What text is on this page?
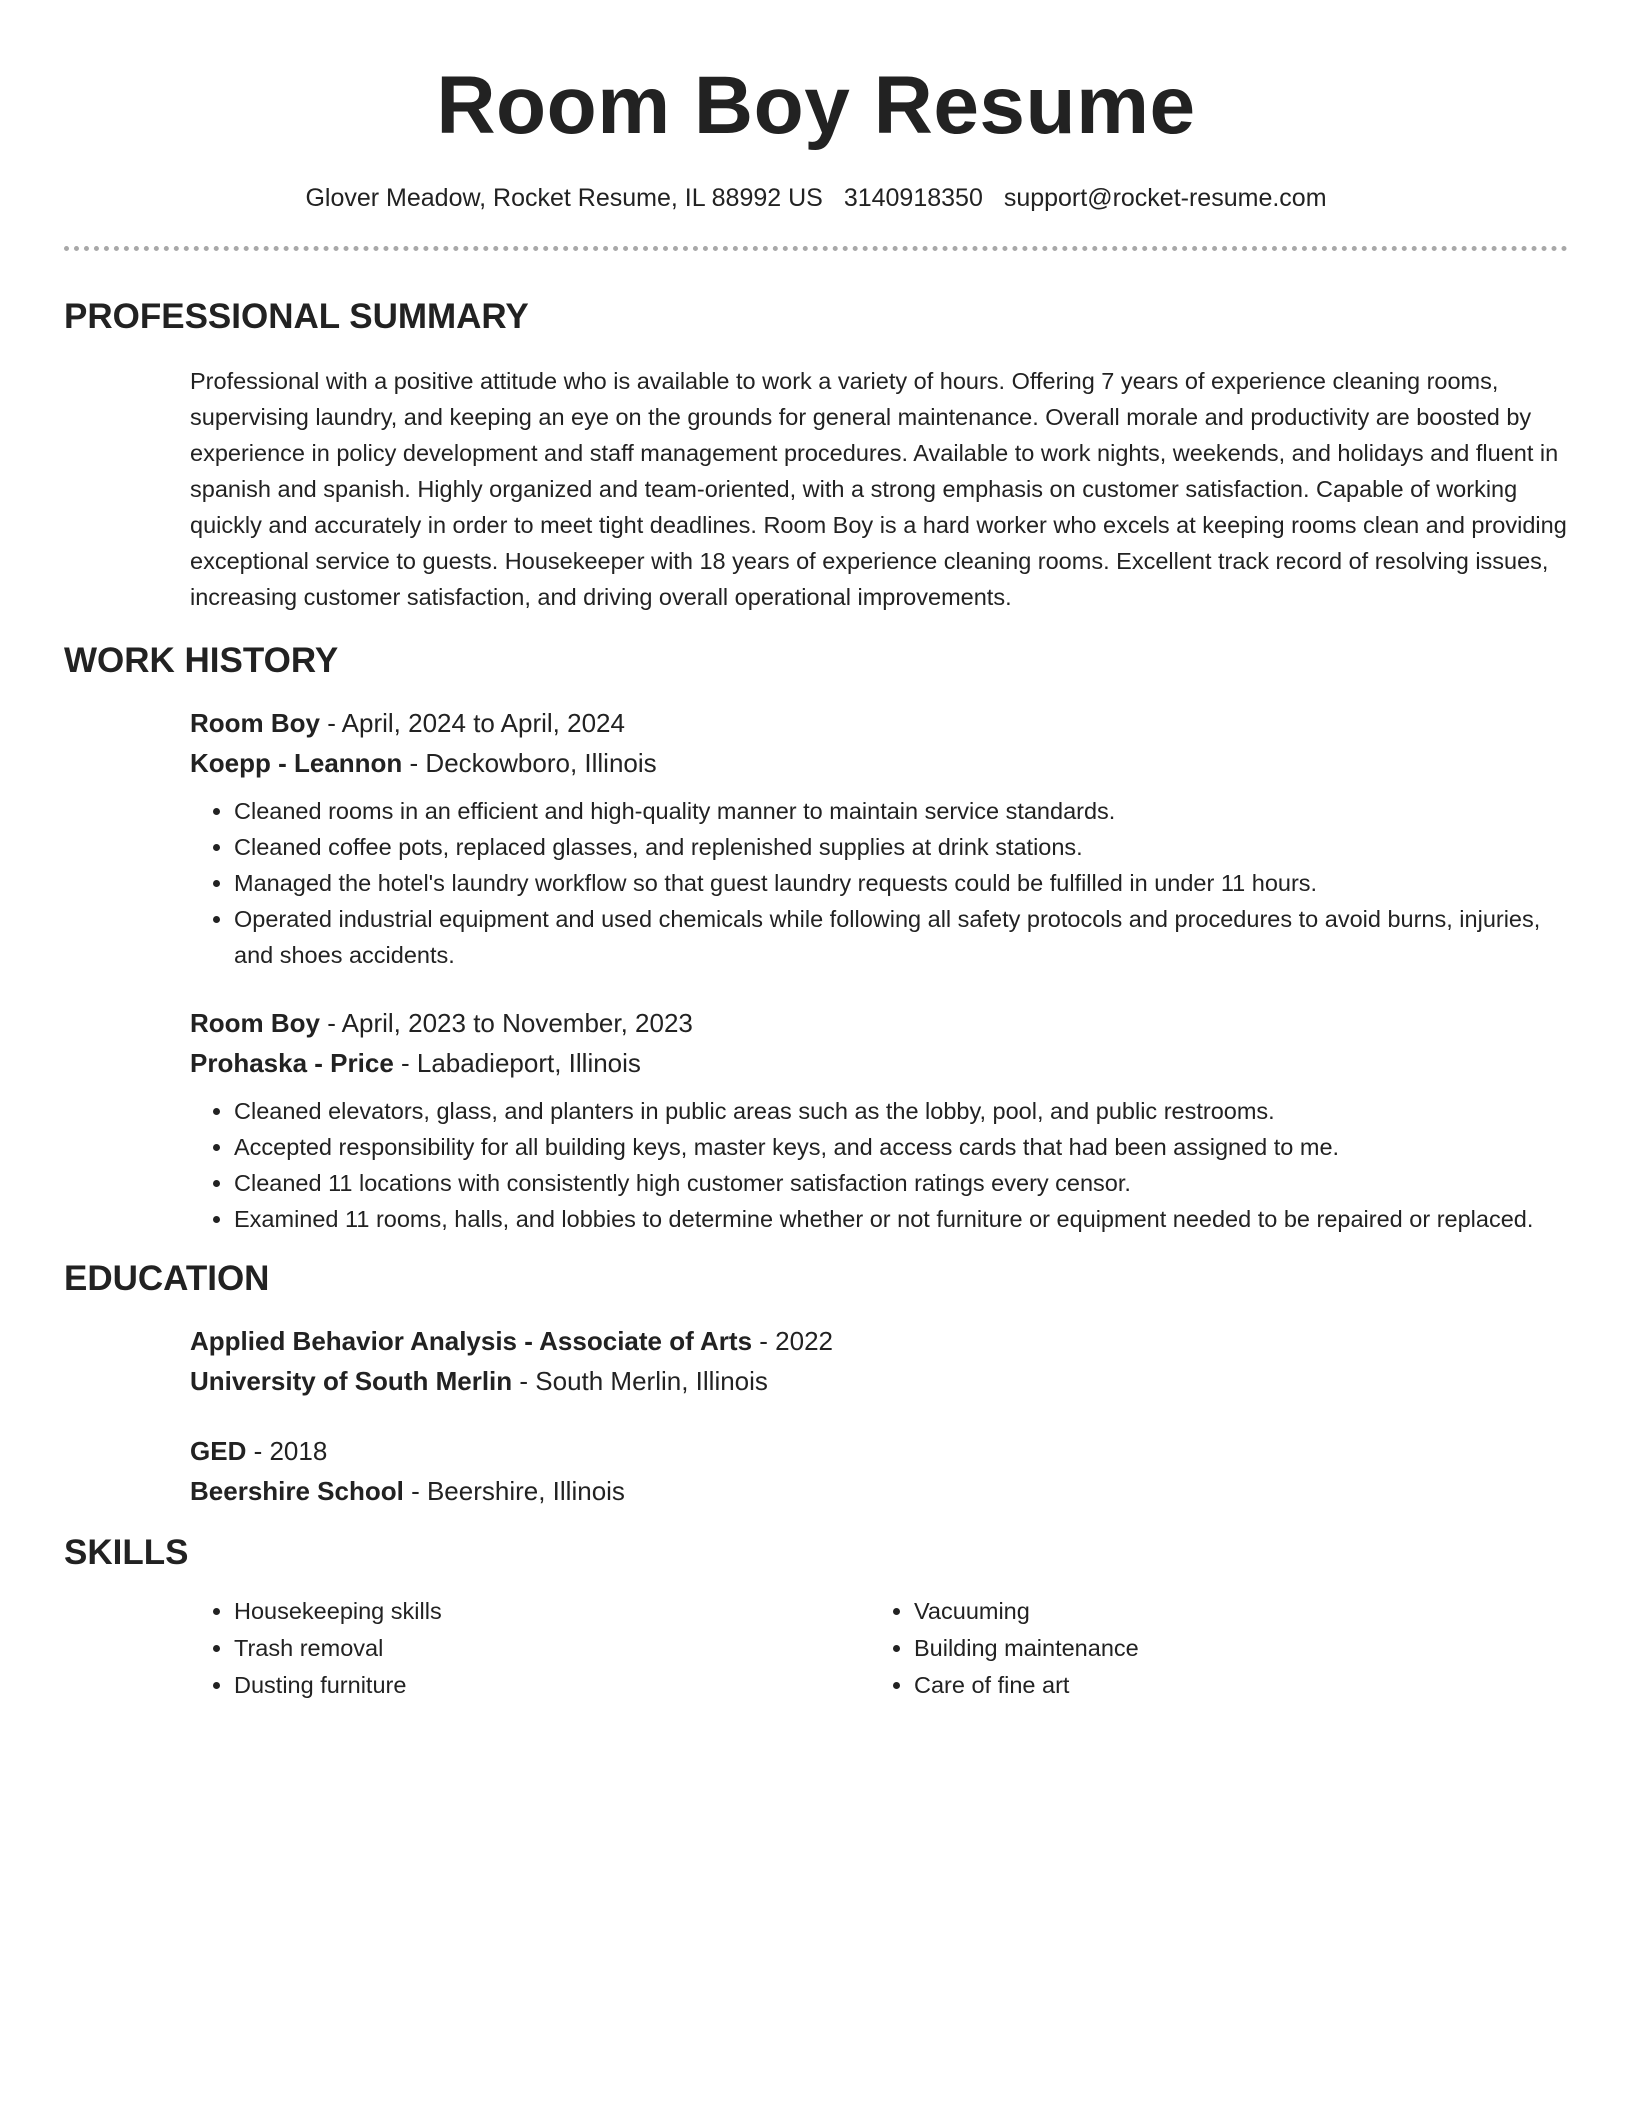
Room Boy Resume
Glover Meadow, Rocket Resume, IL 88992 US 3140918350 support@rocket-resume.com
PROFESSIONAL SUMMARY

Professional with a positive attitude who is available to work a variety of hours. Offering 7 years of experience cleaning rooms, supervising laundry, and keeping an eye on the grounds for general maintenance. Overall morale and productivity are boosted by experience in policy development and staff management procedures. Available to work nights, weekends, and holidays and fluent in spanish and spanish. Highly organized and team-oriented, with a strong emphasis on customer satisfaction. Capable of working quickly and accurately in order to meet tight deadlines. Room Boy is a hard worker who excels at keeping rooms clean and providing exceptional service to guests. Housekeeper with 18 years of experience cleaning rooms. Excellent track record of resolving issues, increasing customer satisfaction, and driving overall operational improvements.

WORK HISTORY
Room Boy - April, 2024 to April, 2024
Koepp - Leannon - Deckowboro, Illinois
• Cleaned rooms in an efficient and high-quality manner to maintain service standards.
• Cleaned coffee pots, replaced glasses, and replenished supplies at drink stations.
• Managed the hotel's laundry workflow so that guest laundry requests could be fulfilled in under 11 hours.
• Operated industrial equipment and used chemicals while following all safety protocols and procedures to avoid burns, injuries, and shoes accidents.
Room Boy - April, 2023 to November, 2023
Prohaska - Price - Labadieport, Illinois
• Cleaned elevators, glass, and planters in public areas such as the lobby, pool, and public restrooms.
• Accepted responsibility for all building keys, master keys, and access cards that had been assigned to me.
• Cleaned 11 locations with consistently high customer satisfaction ratings every censor.
• Examined 11 rooms, halls, and lobbies to determine whether or not furniture or equipment needed to be repaired or replaced.
EDUCATION
Applied Behavior Analysis - Associate of Arts - 2022
University of South Merlin - South Merlin, Illinois
GED - 2018
Beershire School - Beershire, Illinois
SKILLS
• Housekeeping skills
• Trash removal
• Dusting furniture
• Vacuuming
• Building maintenance
• Care of fine art
